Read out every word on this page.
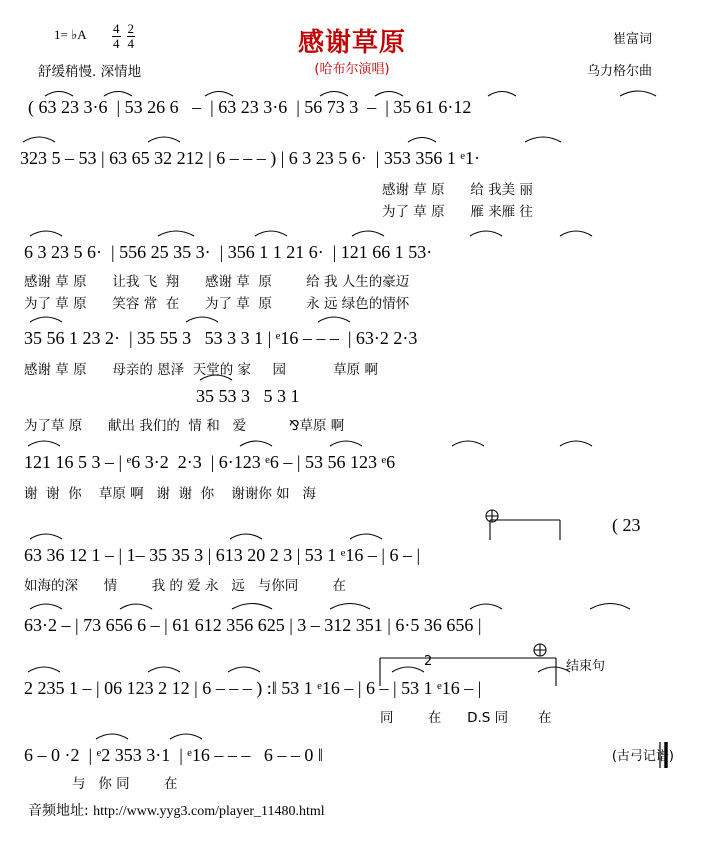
1= ♭A $\frac{4}{4}$
$\frac{2}{4}$
舒缓稍慢. 深情地
感谢草原
(哈布尔演唱)
崔富词
乌力格尔曲
( 63 23 3·6  | 53 26 6   –  | 63 23 3·6  | 56 73 3  –  | 35 61 6·12
323 5 – 53 | 63 65 32 212 | 6 – – – ) | 6 3 23 5 6·  | 353 356 1 ᵉ1·
感谢 草 原      给 我美 丽
为了 草 原      雁 来雁 往
6 3 23 5 6·  | 556 25 35 3·  | 356 1 1 21 6·  | 121 66 1 53·
感谢 草 原      让我 飞  翔      感谢 草  原        给 我 人生的豪迈
为了 草 原      笑容 常  在      为了 草  原        永 远 绿色的情怀
35 56 1 23 2·  | 35 55 3   53 3 3 1 | ᵉ16 – – –  | 63·2 2·3
感谢 草 原      母亲的 恩泽  天堂的 家     园           草原 啊
35 53 3   5 3 1
为了草 原      献出 我们的  情 和   爱          ⅋草原 啊
121 16 5 3 – | ᵉ6 3·2  2·3  | 6·123 ᵉ6 – | 53 56 123 ᵉ6
谢  谢  你    草原 啊   谢  谢  你    谢谢你 如   海
( 23
63 36 12 1 – | 1– 35 35 3 | 613 20 2 3 | 53 1 ᵉ16 – | 6 – |
如海的深      情        我 的 爱 永   远   与你同        在
63·2 – | 73 656 6 – | 61 612 356 625 | 3 – 312 351 | 6·5 36 656 |
2 235 1 – | 06 123 2 12 | 6 – – – ) :‖ 53 1 ᵉ16 – | 6 – | 53 1 ᵉ16 – |
同        在      D.S 同       在
结束句
2
6 – 0 ·2  | ᵉ2 353 3·1  | ᵉ16 – – –   6 – – 0 ‖
与   你 同        在
(古弓记谱)
音频地址: http://www.yyg3.com/player_11480.html
